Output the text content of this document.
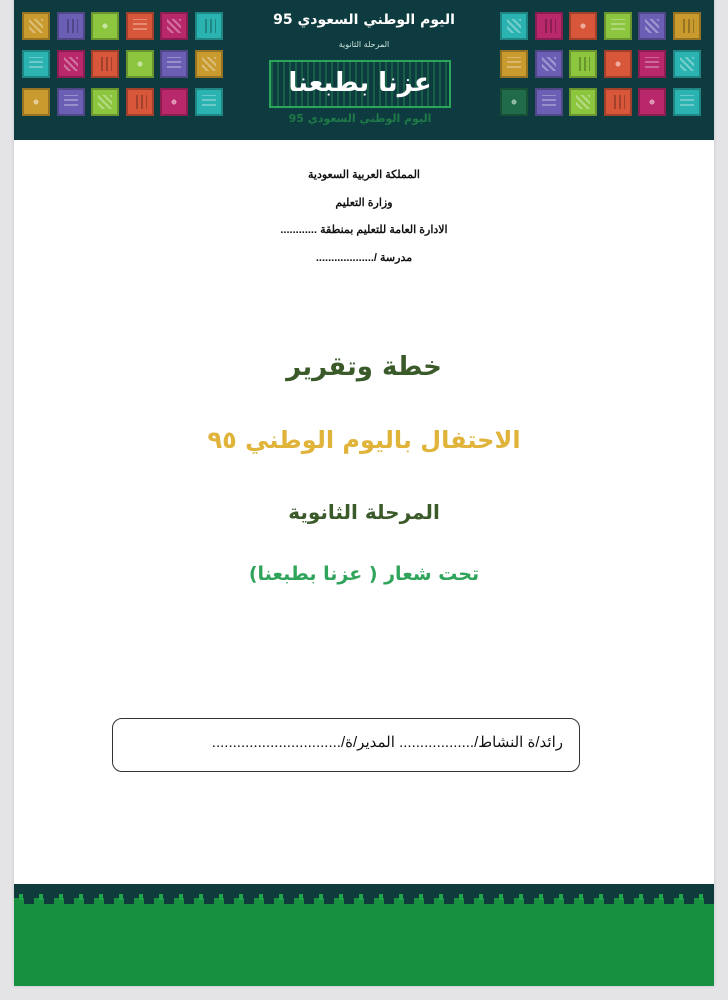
اليوم الوطني السعودي 95
المرحلة الثانوية
عزنا بطبعنا
اليوم الوطني السعودي 95
المملكة العربية السعودية
وزارة التعليم
الادارة العامة للتعليم بمنطقة ............
مدرسة /...................
خطة وتقرير
الاحتفال باليوم الوطني ٩٥
المرحلة الثانوية
تحت شعار ( عزنا بطبعنا)
رائد/ة النشاط/.................. المدير/ة/...............................
